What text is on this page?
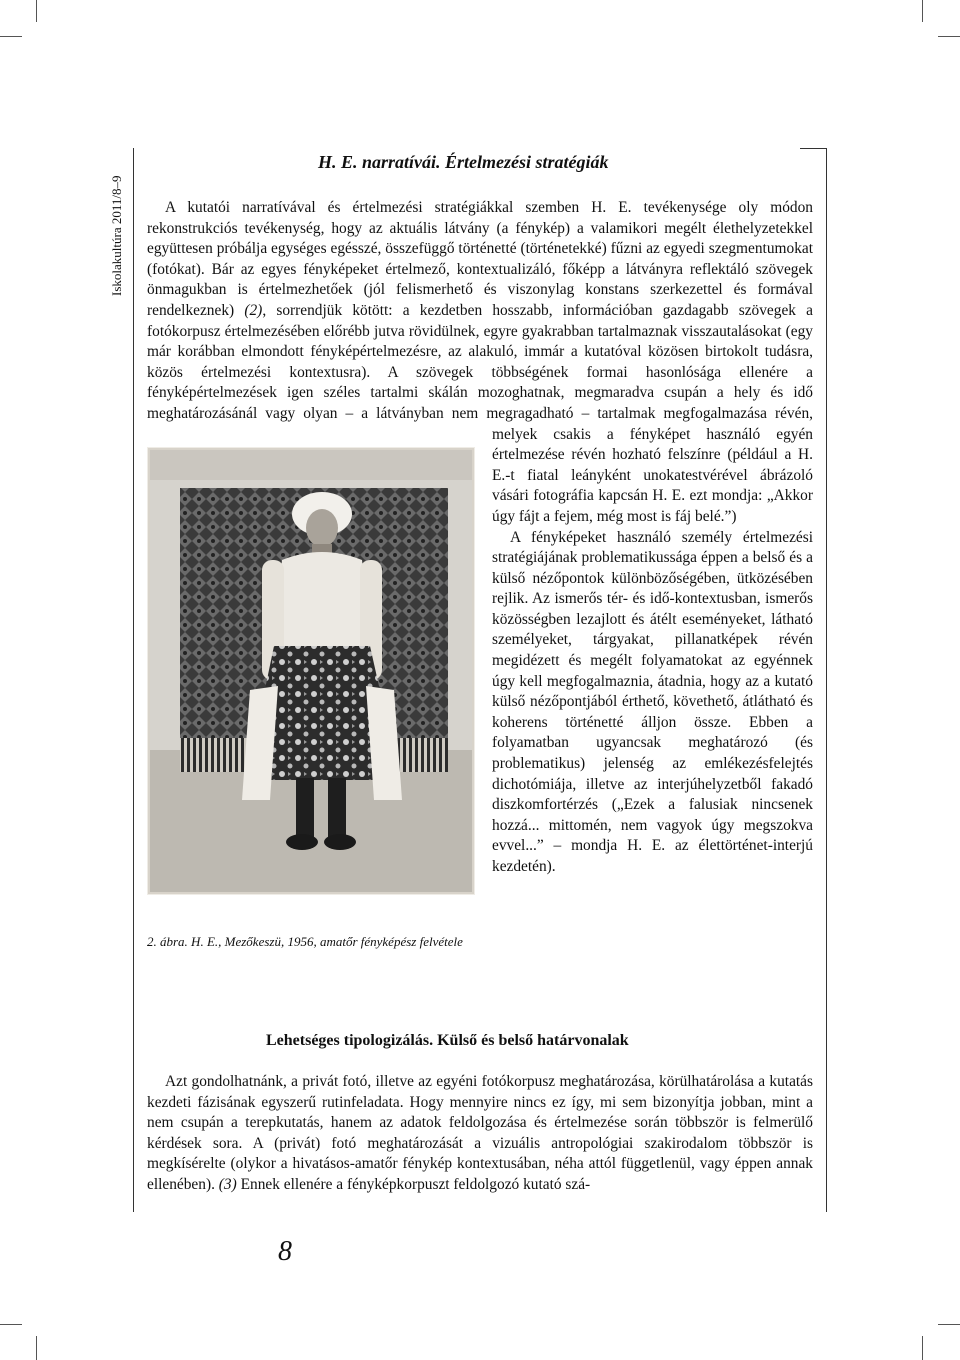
Iskolakultúra 2011/8–9
H. E. narratívái. Értelmezési stratégiák

A kutatói narratívával és értelmezési stratégiákkal szemben H. E. tevékenysége oly módon rekonstrukciós tevékenység, hogy az aktuális látvány (a fénykép) a valamikori megélt élethelyzetekkel együttesen próbálja egységes egésszé, összefüggő történetté (történetekké) fűzni az egyedi szegmentumokat (fotókat). Bár az egyes fényképeket értelmező, kontextualizáló, főképp a látványra reflektáló szövegek önmagukban is értelmezhetőek (jól felismerhető és viszonylag konstans szerkezettel és formával rendelkeznek) (2), sorrendjük kötött: a kezdetben hosszabb, információban gazdagabb szövegek a fotókorpusz értelmezésében előrébb jutva rövidülnek, egyre gyakrabban tartalmaznak visszautalásokat (egy már korábban elmondott fényképértelmezésre, az alakuló, immár a kutatóval közösen birtokolt tudásra, közös értelmezési kontextusra). A szövegek többségének formai hasonlósága ellenére a fényképértelmezések igen széles tartalmi skálán mozoghatnak, megmaradva csupán a hely és idő meghatározásánál vagy olyan – a látványban nem megragadható – tartalmak megfogalmazása révén, melyek csakis a fényképet használó egyén értelmezése révén hozható felszínre (például a H. E.-t fiatal leányként unokatestvérével ábrázoló vásári fotográfia kapcsán H. E. ezt mondja: „Akkor úgy fájt a fejem, még most is fáj belé.”)
A fényképeket használó személy értelmezési stratégiájának problematikussága éppen a belső és a külső nézőpontok különbözőségében, ütközésében rejlik. Az ismerős tér- és idő-kontextusban, ismerős közösségben lezajlott és átélt eseményeket, látható személyeket, tárgyakat, pillanatképek révén megidézett és megélt folyamatokat az egyénnek úgy kell megfogalmaznia, átadnia, hogy az a kutató külső nézőpontjából érthető, követhető, átlátható és koherens történetté álljon össze. Ebben a folyamatban ugyancsak meghatározó (és problematikus) jelenség az emlékezésfelejtés dichotómiája, illetve az interjúhelyzetből fakadó diszkomfortérzés („Ezek a falusiak nincsenek hozzá... mittomén, nem vagyok úgy megszokva evvel...” – mondja H. E. az élettörténet-interjú kezdetén).

2. ábra. H. E., Mezőkeszü, 1956, amatőr fényképész felvétele

Lehetséges tipologizálás. Külső és belső határvonalak

Azt gondolhatnánk, a privát fotó, illetve az egyéni fotókorpusz meghatározása, körülhatárolása a kutatás kezdeti fázisának egyszerű rutinfeladata. Hogy mennyire nincs ez így, mi sem bizonyítja jobban, mint a nem csupán a terepkutatás, hanem az adatok feldolgozása és értelmezése során többször is felmerülő kérdések sora. A (privát) fotó meghatározását a vizuális antropológiai szakirodalom többször is megkísérelte (olykor a hivatásos-amatőr fénykép kontextusában, néha attól függetlenül, vagy éppen annak ellenében). (3) Ennek ellenére a fényképkorpuszt feldolgozó kutató szá-

8
